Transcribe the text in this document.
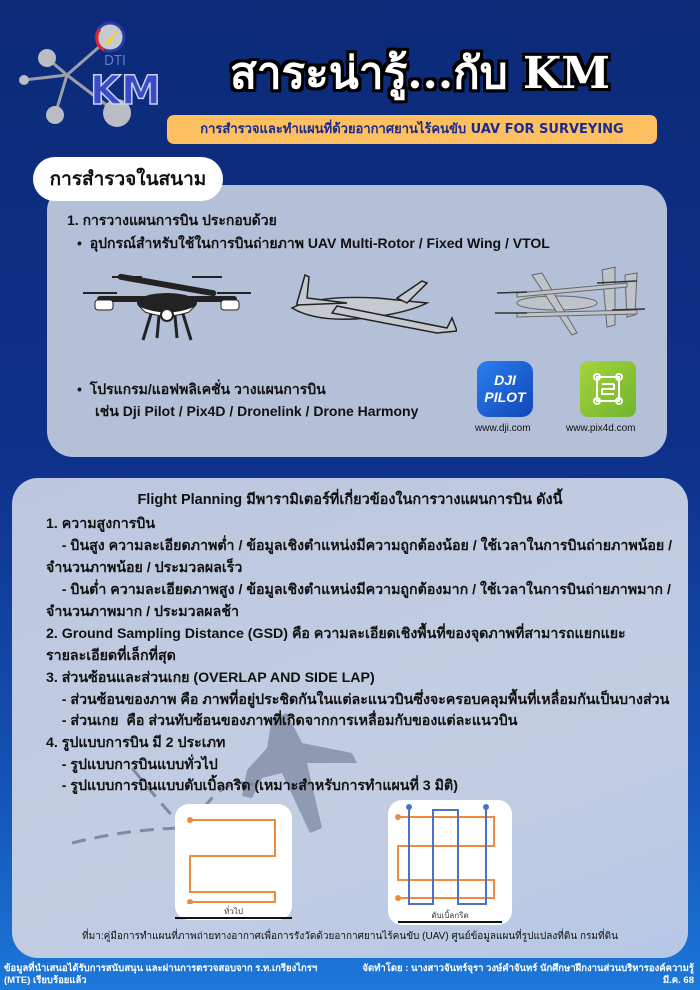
DTI
KM	สาระน่ารู้...กับ KM
การสำรวจและทำแผนที่ด้วยอากาศยานไร้คนขับ UAV FOR SURVEYING
การสำรวจในสนาม
1. การวางแผนการบิน ประกอบด้วย
•  อุปกรณ์สำหรับใช้ในการบินถ่ายภาพ UAV Multi-Rotor / Fixed Wing / VTOL
•  โปรแกรม/แอฟพลิเคชั่น วางแผนการบิน
เช่น Dji Pilot / Pix4D / Dronelink / Drone Harmony
DJI PILOT
www.dji.com	www.pix4d.com
Flight Planning มีพารามิเตอร์ที่เกี่ยวข้องในการวางแผนการบิน ดังนี้
1. ความสูงการบิน
- บินสูง ความละเอียดภาพต่ำ / ข้อมูลเชิงตำแหน่งมีความถูกต้องน้อย / ใช้เวลาในการบินถ่ายภาพน้อย /
จำนวนภาพน้อย / ประมวลผลเร็ว
- บินต่ำ ความละเอียดภาพสูง / ข้อมูลเชิงตำแหน่งมีความถูกต้องมาก / ใช้เวลาในการบินถ่ายภาพมาก /
จำนวนภาพมาก / ประมวลผลช้า
2. Ground Sampling Distance (GSD) คือ ความละเอียดเชิงพื้นที่ของจุดภาพที่สามารถแยกแยะ
รายละเอียดที่เล็กที่สุด
3. ส่วนซ้อนและส่วนเกย (OVERLAP AND SIDE LAP)
- ส่วนซ้อนของภาพ คือ ภาพที่อยู่ประชิดกันในแต่ละแนวบินซึ่งจะครอบคลุมพื้นที่เหลื่อมกันเป็นบางส่วน
- ส่วนเกย  คือ ส่วนทับซ้อนของภาพที่เกิดจากการเหลื่อมกับของแต่ละแนวบิน
4. รูปแบบการบิน มี 2 ประเภท
- รูปแบบการบินแบบทั่วไป
- รูปแบบการบินแบบดับเบิ้ลกริด (เหมาะสำหรับการทำแผนที่ 3 มิติ)
ทั่วไป	ดับเบิ้ลกริด
ที่มา:คู่มือการทำแผนที่ภาพถ่ายทางอากาศเพื่อการรังวัดด้วยอากาศยานไร้คนขับ (UAV) ศูนย์ข้อมูลแผนที่รูปแปลงที่ดิน กรมที่ดิน
ข้อมูลที่นำเสนอได้รับการสนับสนุน และผ่านการตรวจสอบจาก ร.ท.เกรียงไกรฯ (MTE) เรียบร้อยแล้ว
จัดทำโดย : นางสาวจันทร์จุรา วงษ์คำจันทร์ นักศึกษาฝึกงานส่วนบริหารองค์ความรู้ มี.ค. 68
